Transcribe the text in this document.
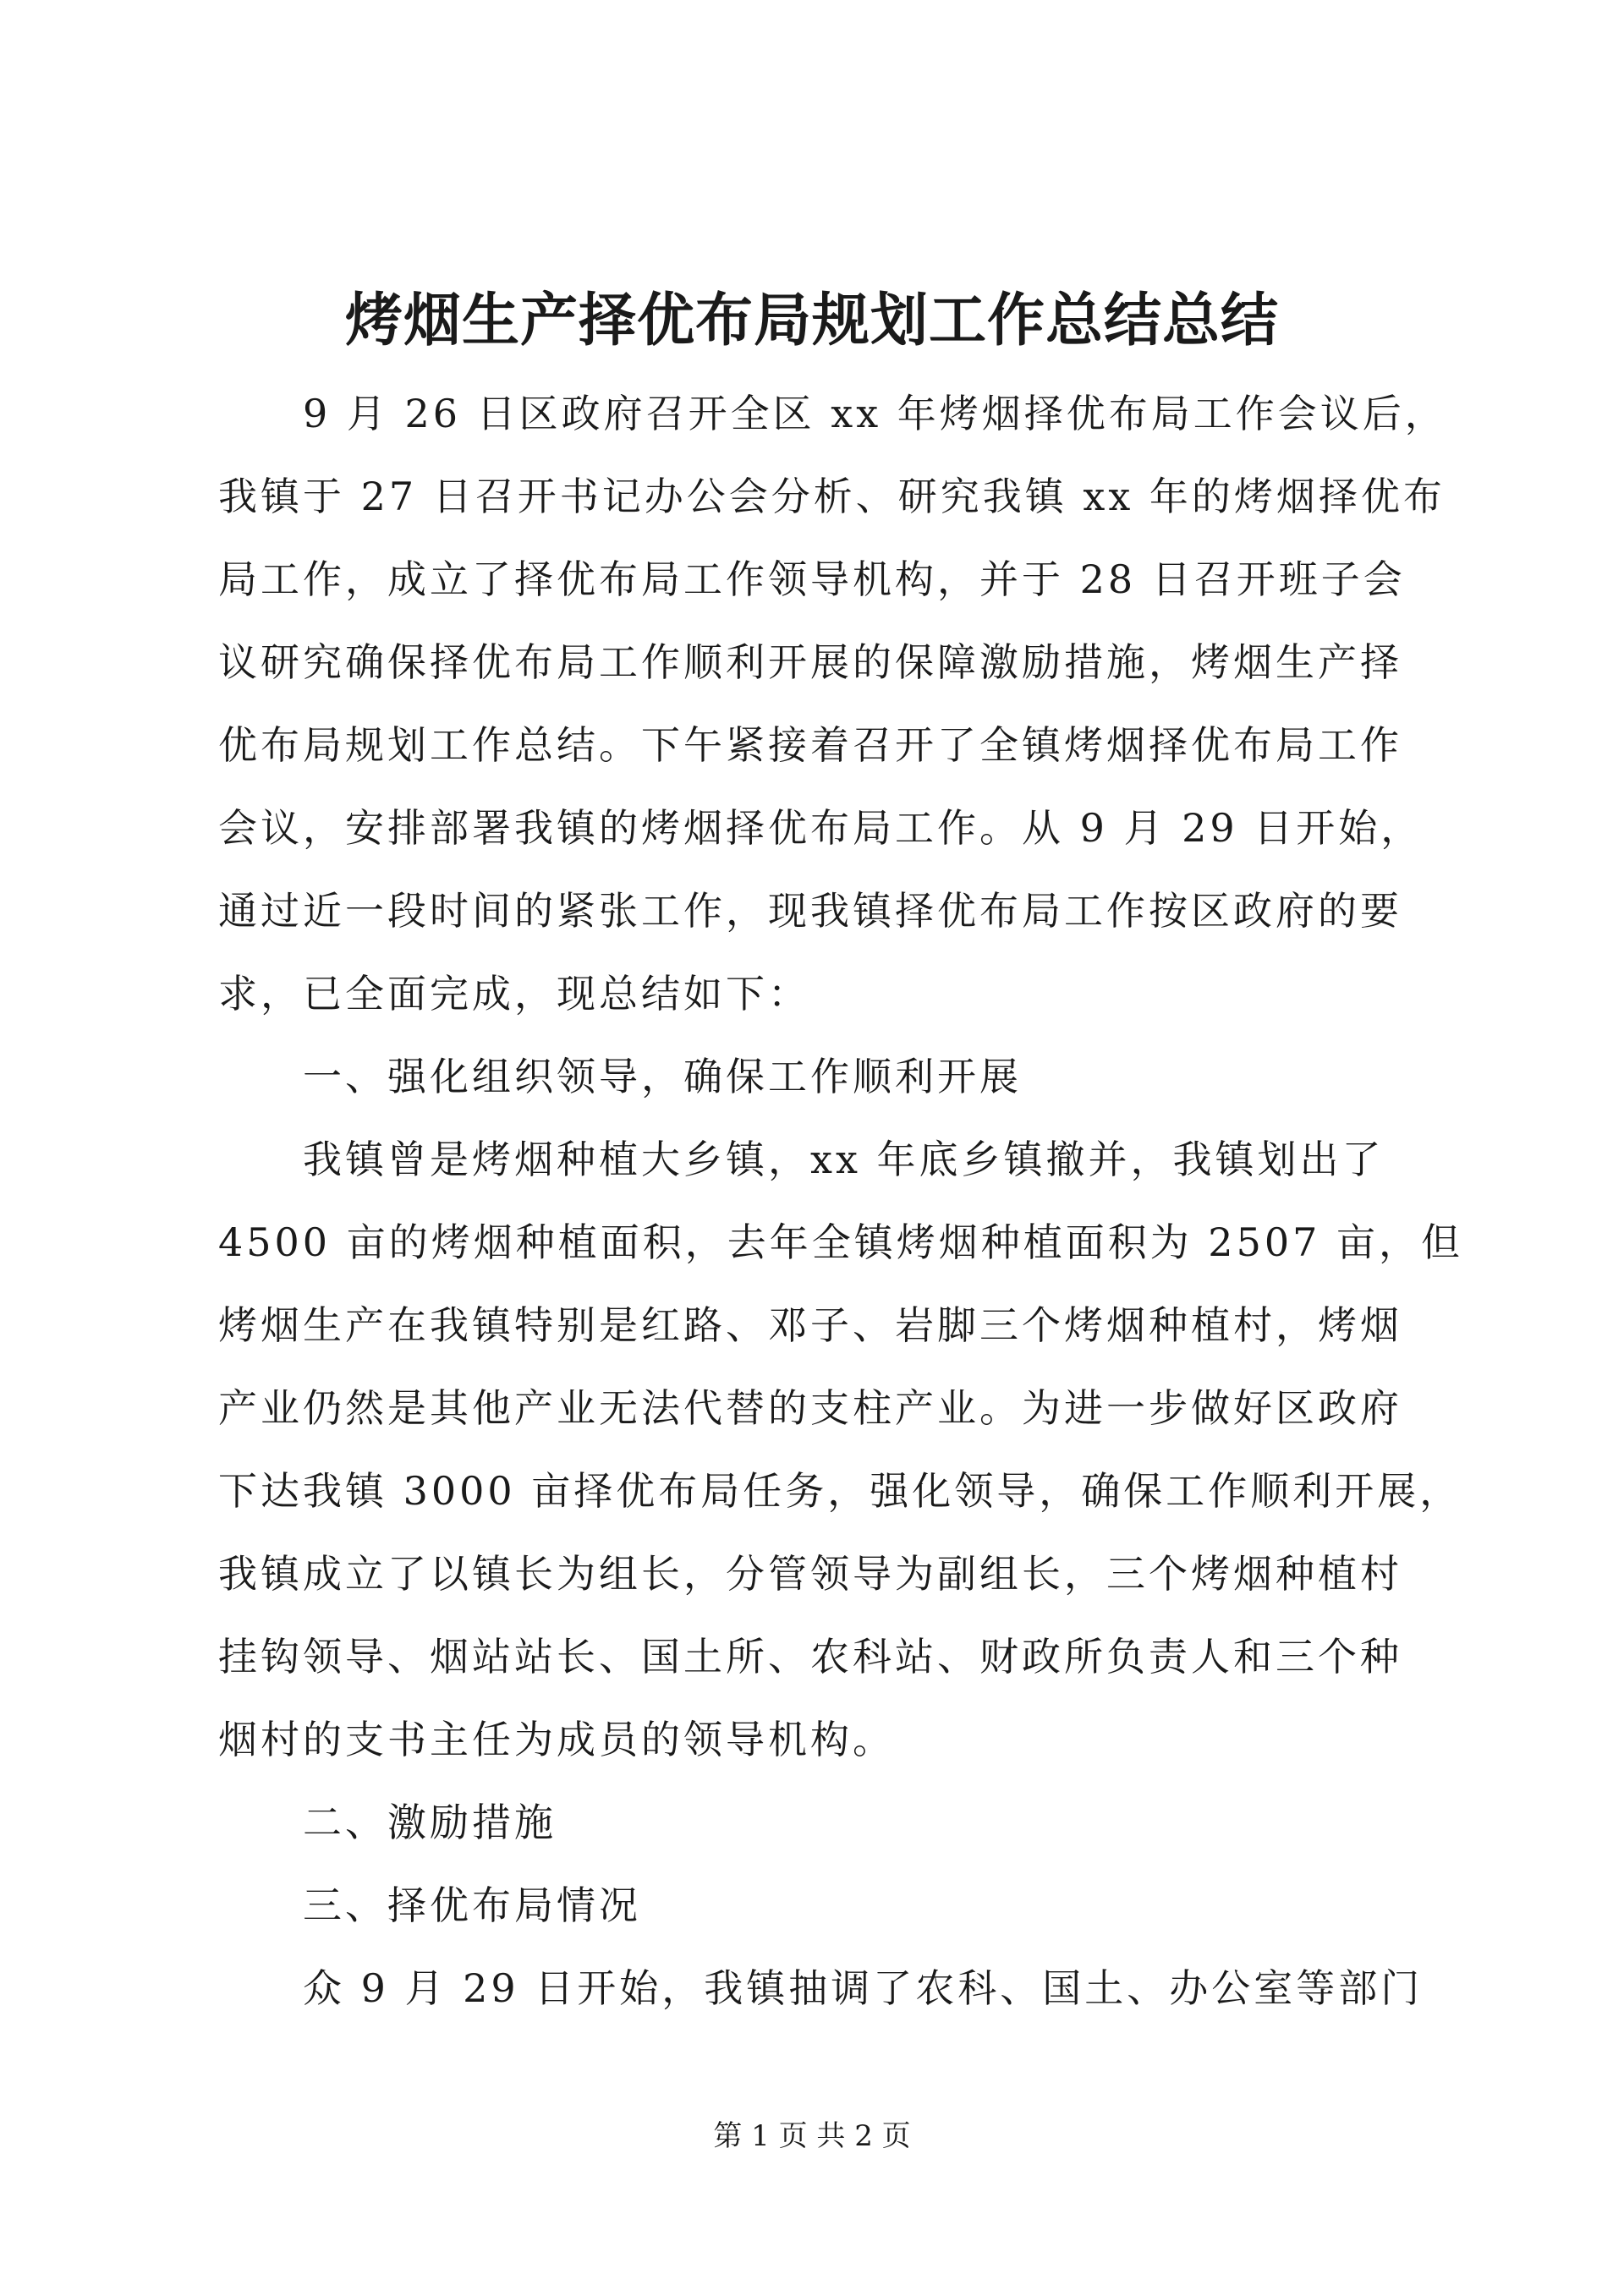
烤烟生产择优布局规划工作总结总结
9 月 26 日区政府召开全区 xx 年烤烟择优布局工作会议后，
我镇于 27 日召开书记办公会分析、研究我镇 xx 年的烤烟择优布
局工作，成立了择优布局工作领导机构，并于 28 日召开班子会
议研究确保择优布局工作顺利开展的保障激励措施，烤烟生产择
优布局规划工作总结。下午紧接着召开了全镇烤烟择优布局工作
会议，安排部署我镇的烤烟择优布局工作。从 9 月 29 日开始，
通过近一段时间的紧张工作，现我镇择优布局工作按区政府的要
求，已全面完成，现总结如下：
一、强化组织领导，确保工作顺利开展
我镇曾是烤烟种植大乡镇，xx 年底乡镇撤并，我镇划出了
4500 亩的烤烟种植面积，去年全镇烤烟种植面积为 2507 亩，但
烤烟生产在我镇特别是红路、邓子、岩脚三个烤烟种植村，烤烟
产业仍然是其他产业无法代替的支柱产业。为进一步做好区政府
下达我镇 3000 亩择优布局任务，强化领导，确保工作顺利开展，
我镇成立了以镇长为组长，分管领导为副组长，三个烤烟种植村
挂钩领导、烟站站长、国土所、农科站、财政所负责人和三个种
烟村的支书主任为成员的领导机构。
二、激励措施
三、择优布局情况
众 9 月 29 日开始，我镇抽调了农科、国土、办公室等部门
第 1 页 共 2 页
